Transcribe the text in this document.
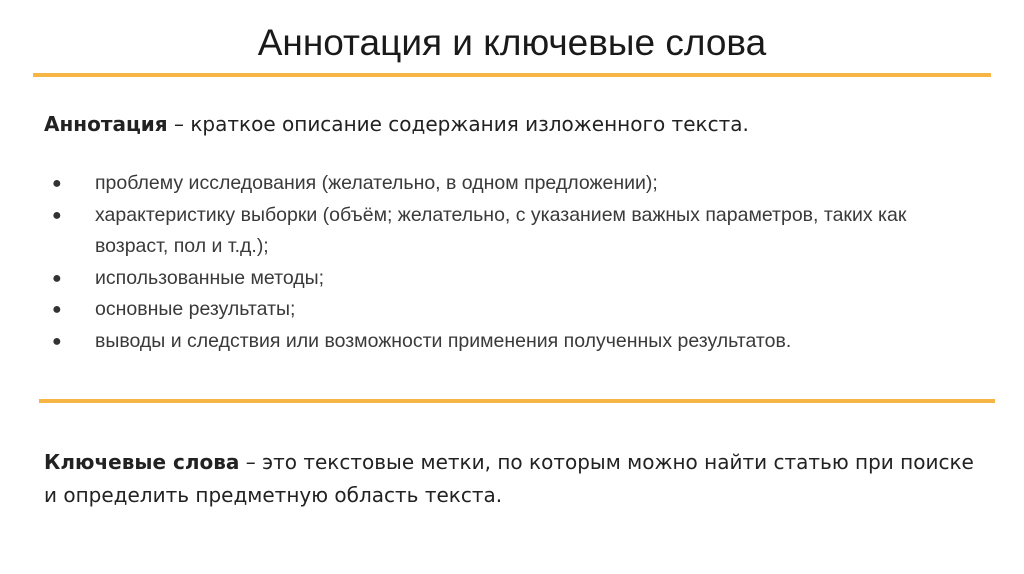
Аннотация и ключевые слова
Аннотация – краткое описание содержания изложенного текста.
● проблему исследования (желательно, в одном предложении);
● характеристику выборки (объём; желательно, с указанием важных параметров, таких как возраст, пол и т.д.);
● использованные методы;
● основные результаты;
● выводы и следствия или возможности применения полученных результатов.
Ключевые слова – это текстовые метки, по которым можно найти статью при поиске и определить предметную область текста.
